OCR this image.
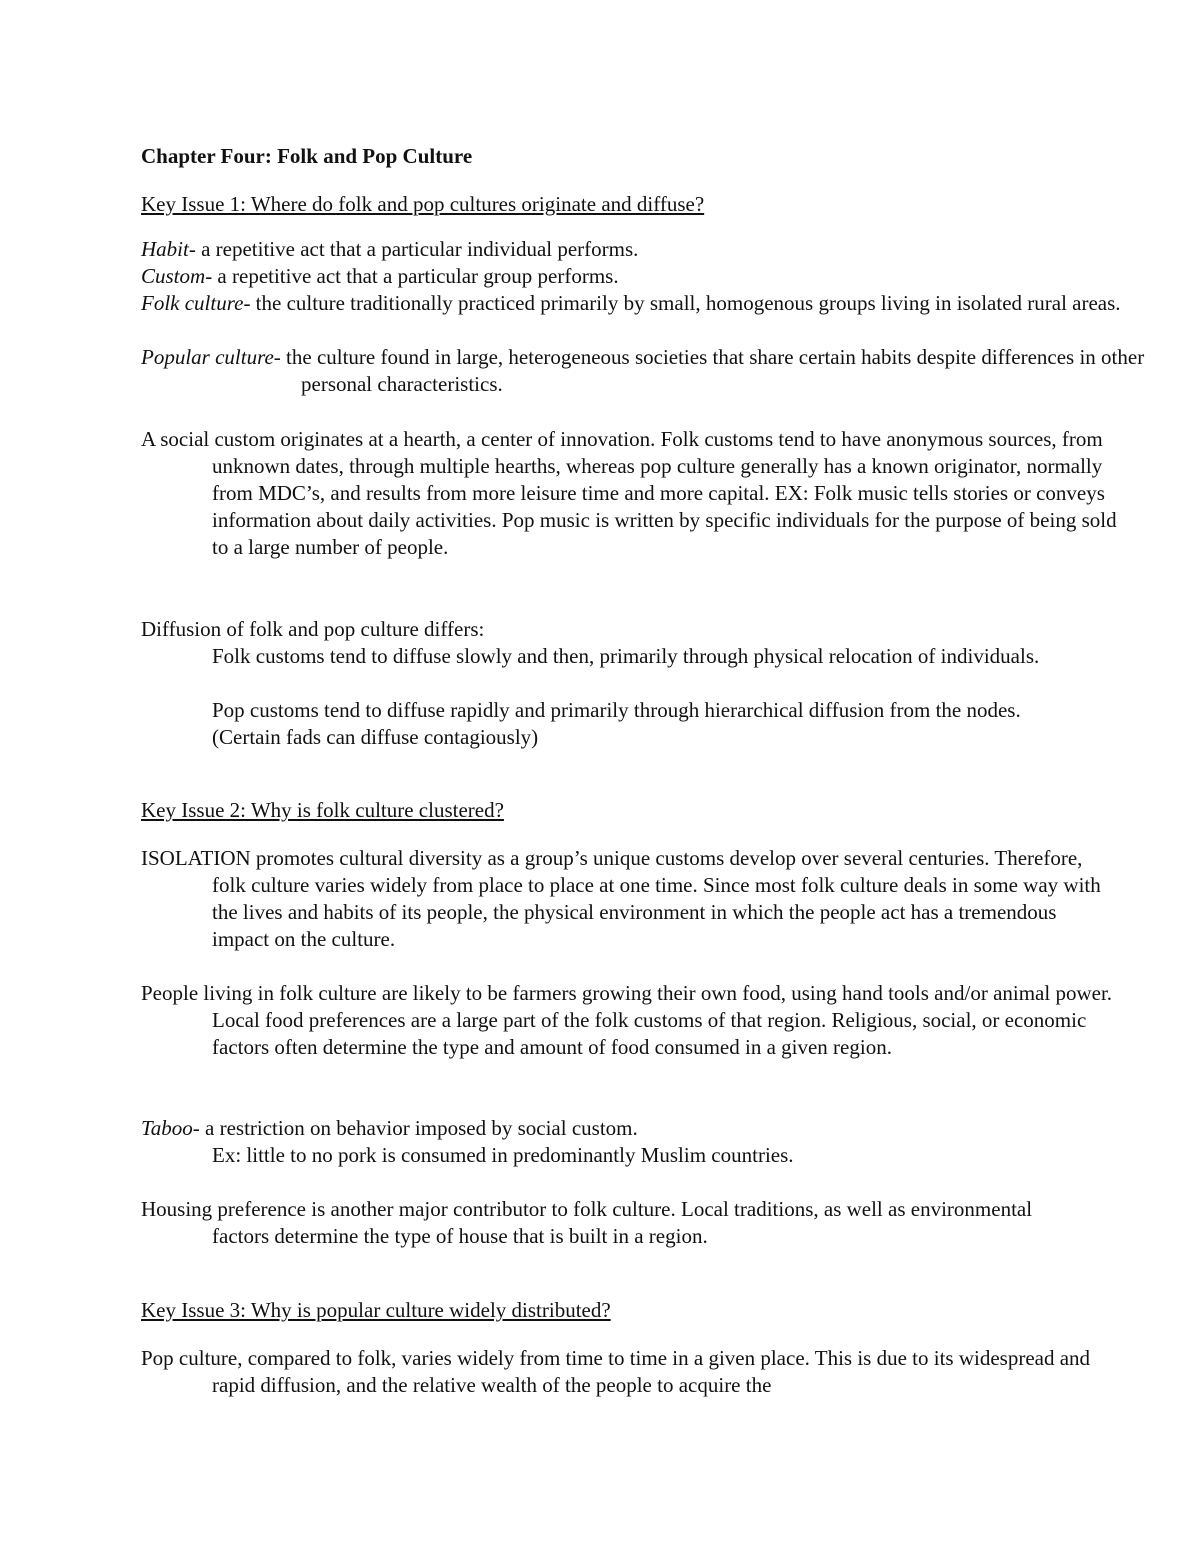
Chapter Four: Folk and Pop Culture

Key Issue 1: Where do folk and pop cultures originate and diffuse?

Habit- a repetitive act that a particular individual performs.

Custom- a repetitive act that a particular group performs.

Folk culture- the culture traditionally practiced primarily by small, homogenous groups living in isolated rural areas.

Popular culture- the culture found in large, heterogeneous societies that share certain habits despite differences in other personal characteristics.

A social custom originates at a hearth, a center of innovation. Folk customs tend to have anonymous sources, from unknown dates, through multiple hearths, whereas pop culture generally has a known originator, normally from MDC’s, and results from more leisure time and more capital. EX: Folk music tells stories or conveys information about daily activities. Pop music is written by specific individuals for the purpose of being sold to a large number of people.

Diffusion of folk and pop culture differs:

Folk customs tend to diffuse slowly and then, primarily through physical relocation of individuals.

Pop customs tend to diffuse rapidly and primarily through hierarchical diffusion from the nodes. (Certain fads can diffuse contagiously)

Key Issue 2: Why is folk culture clustered?

ISOLATION promotes cultural diversity as a group’s unique customs develop over several centuries. Therefore, folk culture varies widely from place to place at one time. Since most folk culture deals in some way with the lives and habits of its people, the physical environment in which the people act has a tremendous impact on the culture.

People living in folk culture are likely to be farmers growing their own food, using hand tools and/or animal power. Local food preferences are a large part of the folk customs of that region. Religious, social, or economic factors often determine the type and amount of food consumed in a given region.

Taboo- a restriction on behavior imposed by social custom.

Ex: little to no pork is consumed in predominantly Muslim countries.

Housing preference is another major contributor to folk culture. Local traditions, as well as environmental factors determine the type of house that is built in a region.

Key Issue 3: Why is popular culture widely distributed?

Pop culture, compared to folk, varies widely from time to time in a given place. This is due to its widespread and rapid diffusion, and the relative wealth of the people to acquire the
